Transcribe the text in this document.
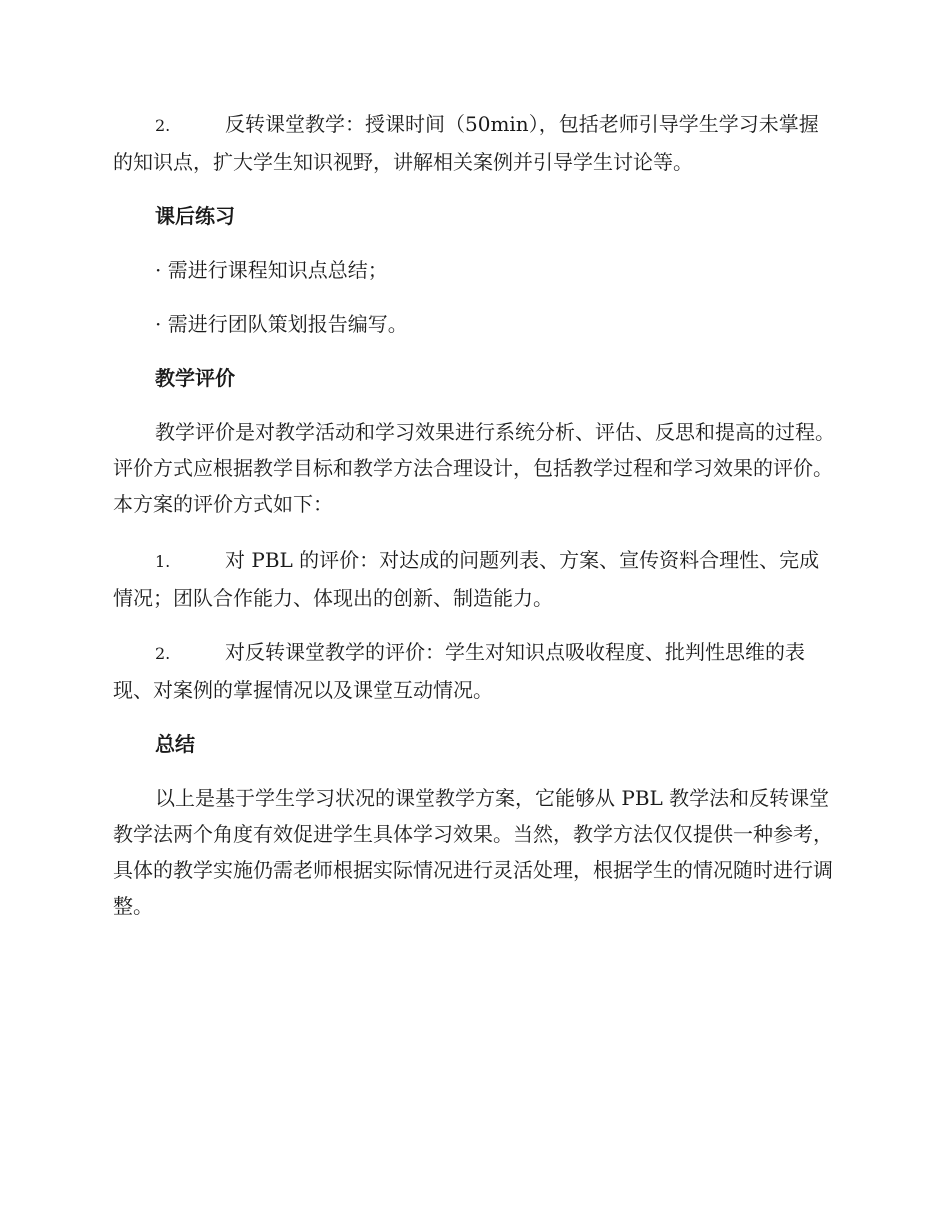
2.	反转课堂教学：授课时间（50min），包括老师引导学生学习未掌握的知识点，扩大学生知识视野，讲解相关案例并引导学生讨论等。

课后练习

· 需进行课程知识点总结；

· 需进行团队策划报告编写。

教学评价

教学评价是对教学活动和学习效果进行系统分析、评估、反思和提高的过程。评价方式应根据教学目标和教学方法合理设计，包括教学过程和学习效果的评价。本方案的评价方式如下：

1.	对 PBL 的评价：对达成的问题列表、方案、宣传资料合理性、完成情况；团队合作能力、体现出的创新、制造能力。

2.	对反转课堂教学的评价：学生对知识点吸收程度、批判性思维的表现、对案例的掌握情况以及课堂互动情况。

总结

以上是基于学生学习状况的课堂教学方案，它能够从 PBL 教学法和反转课堂教学法两个角度有效促进学生具体学习效果。当然，教学方法仅仅提供一种参考，具体的教学实施仍需老师根据实际情况进行灵活处理，根据学生的情况随时进行调整。
